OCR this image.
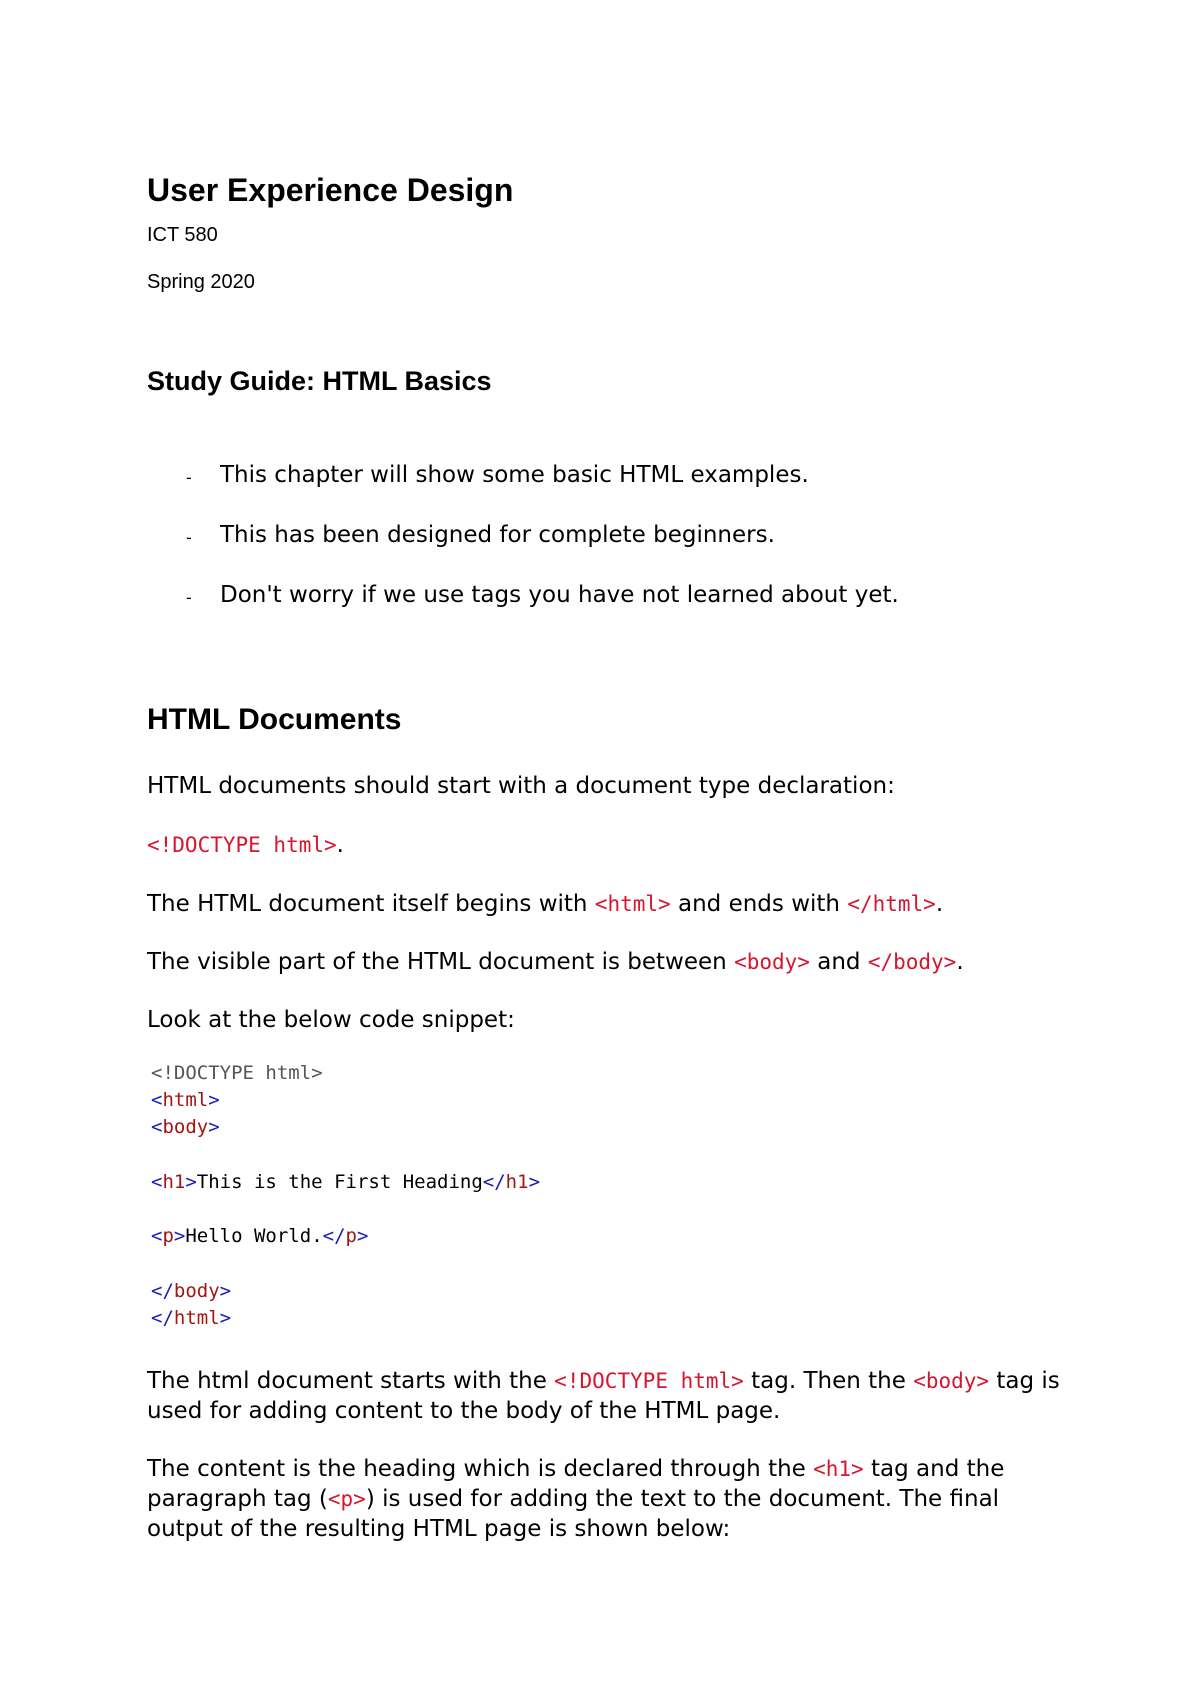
User Experience Design
ICT 580
Spring 2020
Study Guide: HTML Basics
- This chapter will show some basic HTML examples.
- This has been designed for complete beginners.
- Don't worry if we use tags you have not learned about yet.
HTML Documents
HTML documents should start with a document type declaration:
<!DOCTYPE html>.
The HTML document itself begins with <html> and ends with </html>.
The visible part of the HTML document is between <body> and </body>.
Look at the below code snippet:
<!DOCTYPE html>
<html>
<body>
<h1>This is the First Heading</h1>
<p>Hello World.</p>
</body>
</html>
The html document starts with the <!DOCTYPE html> tag. Then the <body> tag is used for adding content to the body of the HTML page.
The content is the heading which is declared through the <h1> tag and the paragraph tag (<p>) is used for adding the text to the document. The final output of the resulting HTML page is shown below:
